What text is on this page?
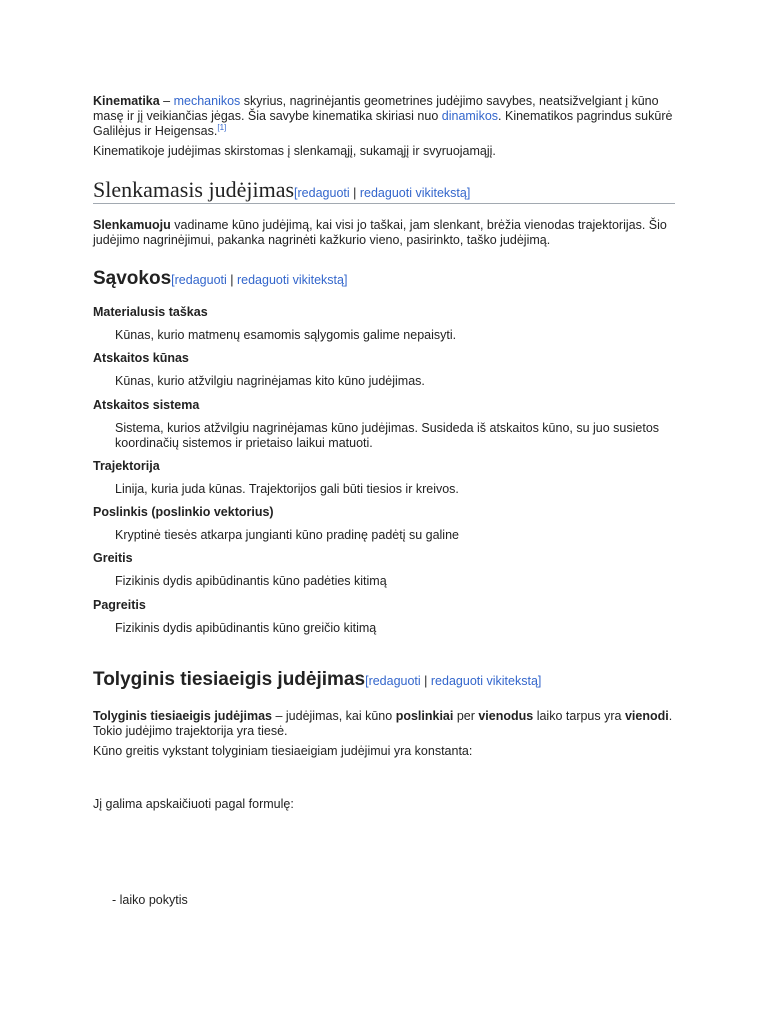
Kinematika – mechanikos skyrius, nagrinėjantis geometrines judėjimo savybes, neatsižvelgiant į kūno masę ir jį veikiančias jėgas. Šia savybe kinematika skiriasi nuo dinamikos. Kinematikos pagrindus sukūrė Galilėjus ir Heigensas.[1]

Kinematikoje judėjimas skirstomas į slenkamąjį, sukamąjį ir svyruojamąjį.

Slenkamasis judėjimas[redaguoti | redaguoti vikitekstą]

Slenkamuoju vadiname kūno judėjimą, kai visi jo taškai, jam slenkant, brėžia vienodas trajektorijas. Šio judėjimo nagrinėjimui, pakanka nagrinėti kažkurio vieno, pasirinkto, taško judėjimą.

Sąvokos[redaguoti | redaguoti vikitekstą]
Materialusis taškas
Kūnas, kurio matmenų esamomis sąlygomis galime nepaisyti.
Atskaitos kūnas
Kūnas, kurio atžvilgiu nagrinėjamas kito kūno judėjimas.
Atskaitos sistema
Sistema, kurios atžvilgiu nagrinėjamas kūno judėjimas. Susideda iš atskaitos kūno, su juo susietos koordinačių sistemos ir prietaiso laikui matuoti.
Trajektorija
Linija, kuria juda kūnas. Trajektorijos gali būti tiesios ir kreivos.
Poslinkis (poslinkio vektorius)
Kryptinė tiesės atkarpa jungianti kūno pradinę padėtį su galine
Greitis
Fizikinis dydis apibūdinantis kūno padėties kitimą
Pagreitis
Fizikinis dydis apibūdinantis kūno greičio kitimą
Tolyginis tiesiaeigis judėjimas[redaguoti | redaguoti vikitekstą]

Tolyginis tiesiaeigis judėjimas – judėjimas, kai kūno poslinkiai per vienodus laiko tarpus yra vienodi. Tokio judėjimo trajektorija yra tiesė.

Kūno greitis vykstant tolyginiam tiesiaeigiam judėjimui yra konstanta:

Jį galima apskaičiuoti pagal formulę:

- laiko pokytis
